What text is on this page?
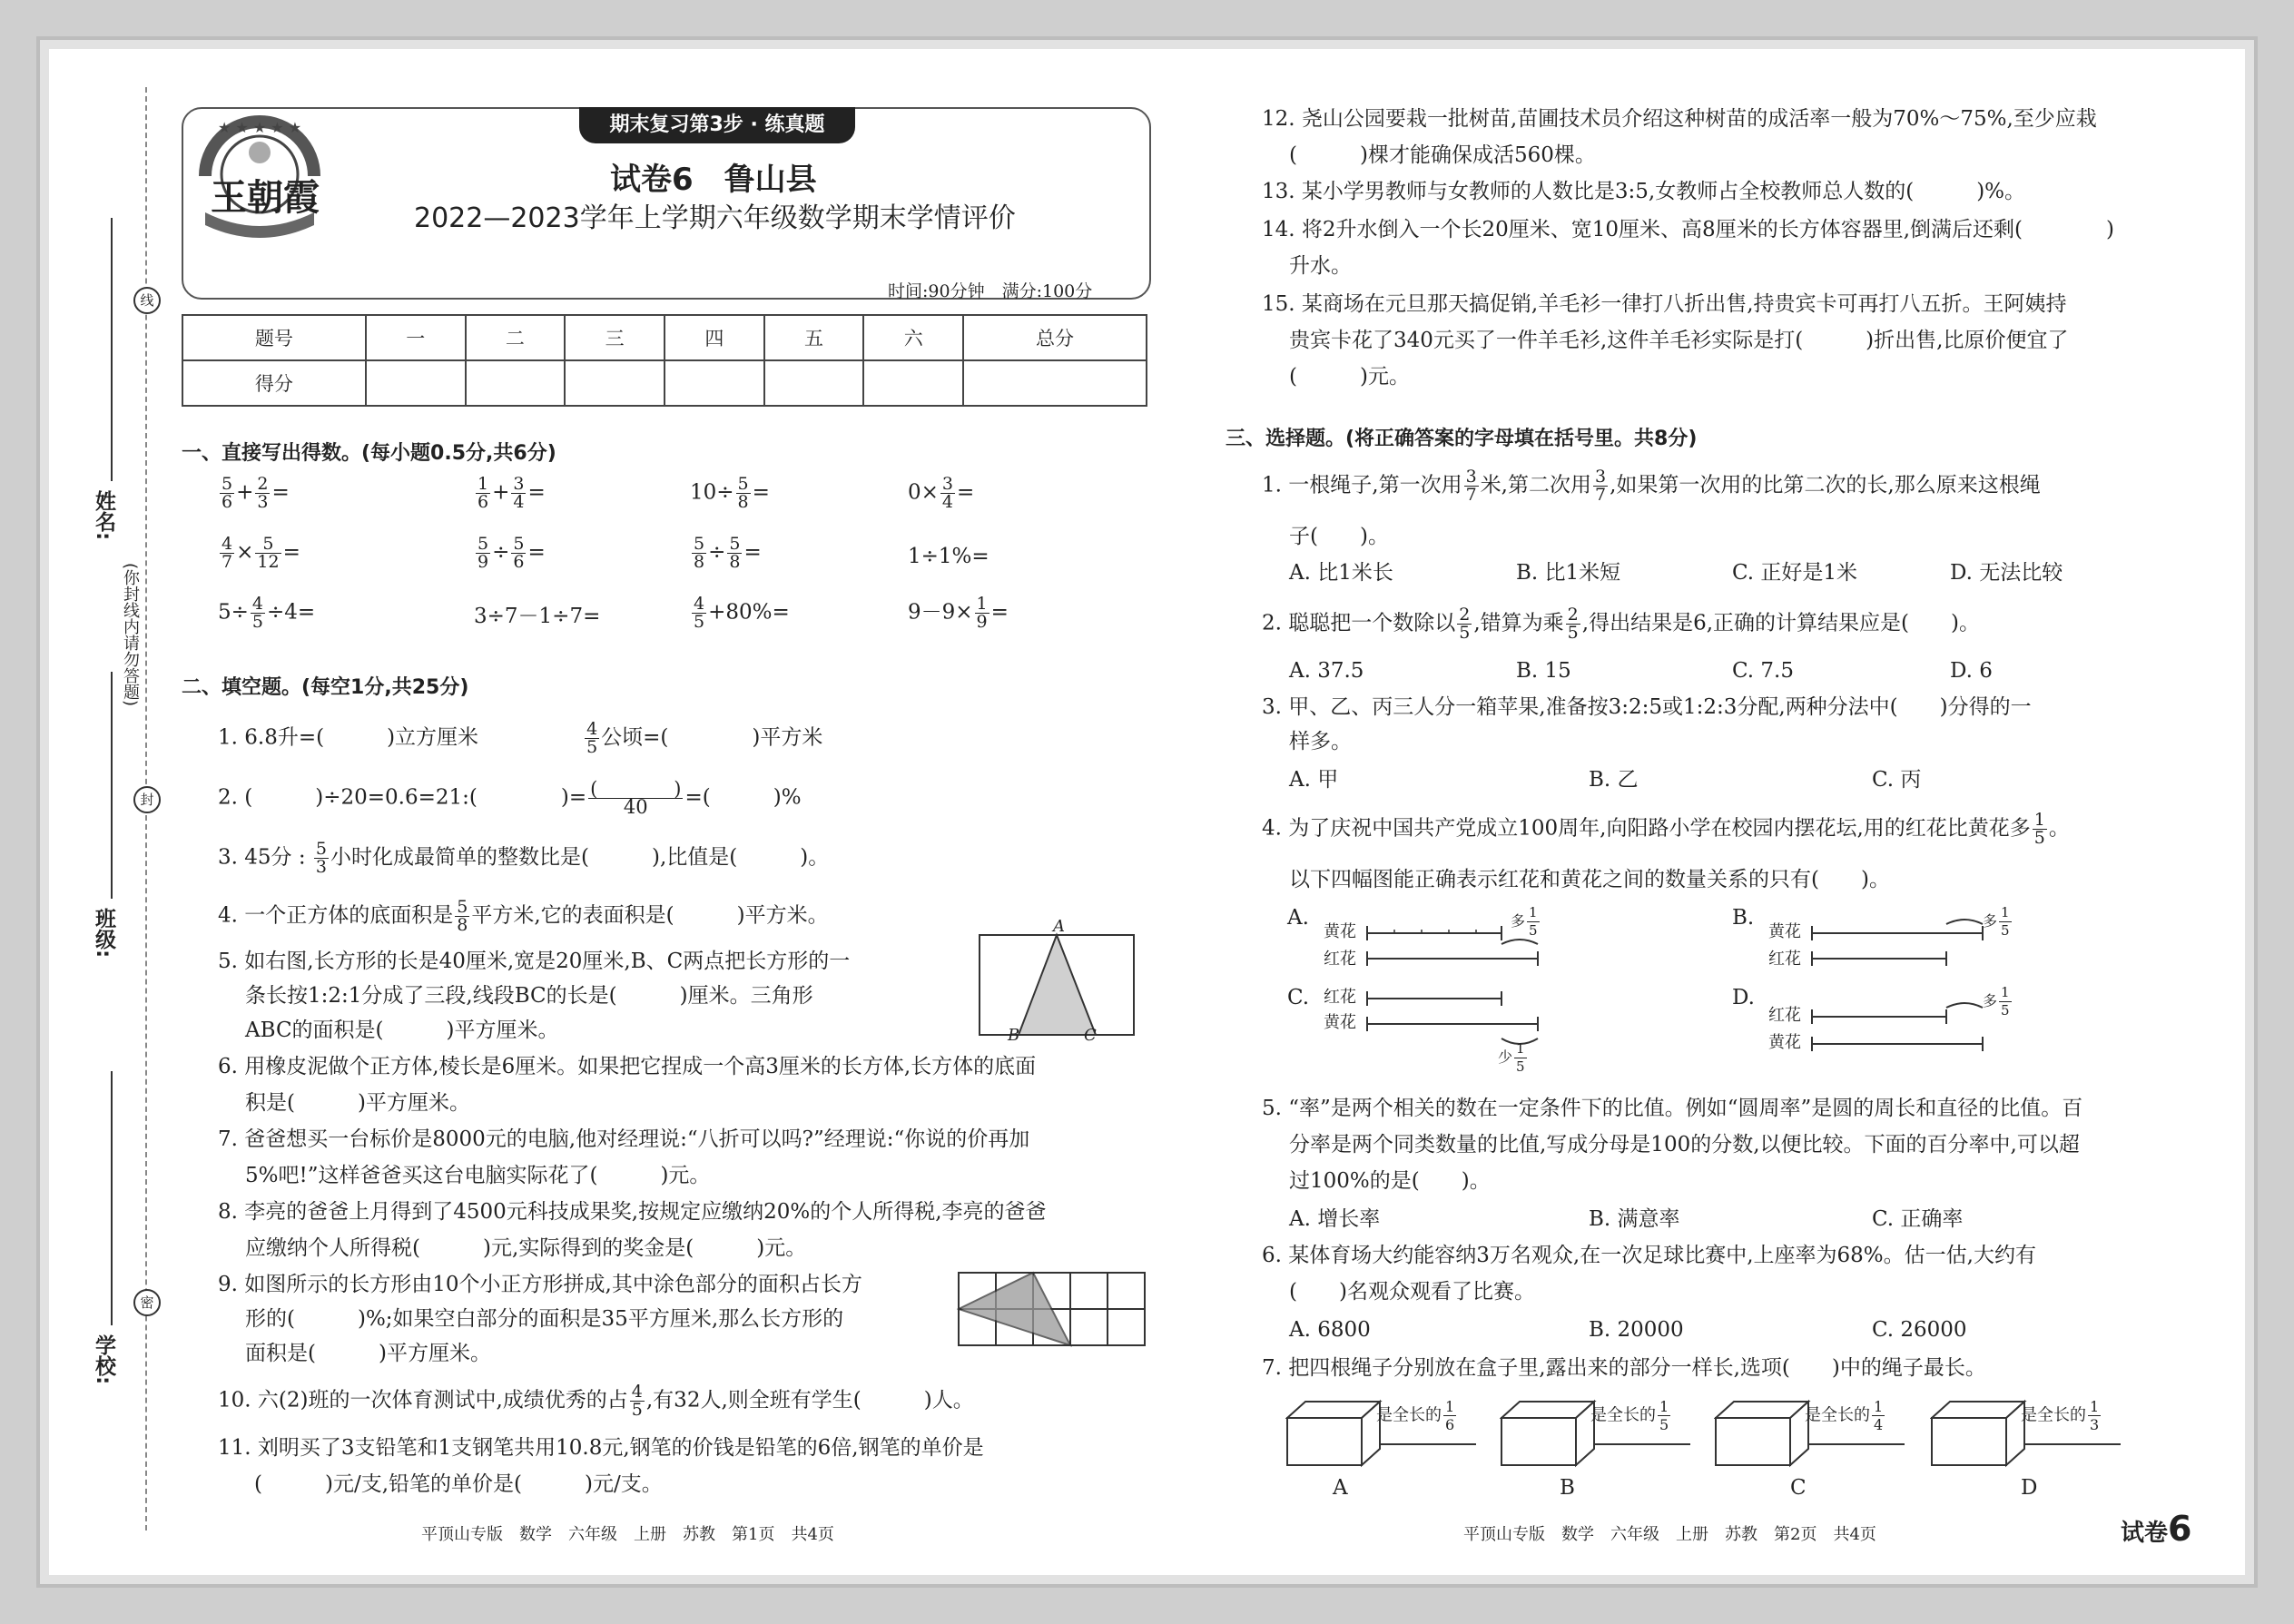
线
封
密
(你封线内请勿答题)
姓名:
班级:
学校:
期末复习第3步 · 练真题
★ ★ ★ ★ ★
王朝霞	试卷6　鲁山县
2022—2023学年上学期六年级数学期末学情评价
时间:90分钟　满分:100分
题号	一	二	三	四	五	六	总分
得分							
一、直接写出得数。(每小题0.5分,共6分)
$\frac{5}{6} + \frac{2}{3}$ =	$\frac{1}{6} + \frac{3}{4}$ =	$10\div \frac{5}{8}$ =	$0\times \frac{3}{4}$ =
$\frac{4}{7} \times \frac{5}{12}$ =	$\frac{5}{9} \div \frac{5}{6}$ =	$\frac{5}{8} \div \frac{5}{8}$ =	1÷1%=
$5\div \frac{4}{5} \div 4=$	3÷7－1÷7=	$\frac{4}{5} +80\%=$	$9-9\times \frac{1}{9}$ =
二、填空题。(每空1分,共25分)
1. 6.8升=(　　　)立方厘米　　　　　 $\frac{4}{5}$ 公顷=(　　　　)平方米
2. (　　　)÷20=0.6=21:(　　　　)= (　　　　)
40	=(　　　)%
3. 45分 : $\frac{5}{3}$ 小时化成最简单的整数比是(　　　),比值是(　　　)。
4. 一个正方体的底面积是 $\frac{5}{8}$ 平方米,它的表面积是(　　　)平方米。
5. 如右图,长方形的长是40厘米,宽是20厘米,B、C两点把长方形的一
条长按1:2:1分成了三段,线段BC的长是(　　　)厘米。三角形
ABC的面积是(　　　)平方厘米。
A
B	C
6. 用橡皮泥做个正方体,棱长是6厘米。如果把它捏成一个高3厘米的长方体,长方体的底面
积是(　　　)平方厘米。
7. 爸爸想买一台标价是8000元的电脑,他对经理说:“八折可以吗?”经理说:“你说的价再加
5%吧!”这样爸爸买这台电脑实际花了(　　　)元。
8. 李亮的爸爸上月得到了4500元科技成果奖,按规定应缴纳20%的个人所得税,李亮的爸爸
应缴纳个人所得税(　　　)元,实际得到的奖金是(　　　)元。
9. 如图所示的长方形由10个小正方形拼成,其中涂色部分的面积占长方
形的(　　　)%;如果空白部分的面积是35平方厘米,那么长方形的
面积是(　　　)平方厘米。
10. 六(2)班的一次体育测试中,成绩优秀的占 $\frac{4}{5}$ ,有32人,则全班有学生(　　　)人。
11. 刘明买了3支铅笔和1支钢笔共用10.8元,钢笔的价钱是铅笔的6倍,钢笔的单价是
(　　　)元/支,铅笔的单价是(　　　)元/支。
12. 尧山公园要栽一批树苗,苗圃技术员介绍这种树苗的成活率一般为70%～75%,至少应栽
(　　　)棵才能确保成活560棵。
13. 某小学男教师与女教师的人数比是3:5,女教师占全校教师总人数的(　　　)%。
14. 将2升水倒入一个长20厘米、宽10厘米、高8厘米的长方体容器里,倒满后还剩(　　　　)
升水。
15. 某商场在元旦那天搞促销,羊毛衫一律打八折出售,持贵宾卡可再打八五折。王阿姨持
贵宾卡花了340元买了一件羊毛衫,这件羊毛衫实际是打(　　　)折出售,比原价便宜了
(　　　)元。
三、选择题。(将正确答案的字母填在括号里。共8分)
1. 一根绳子,第一次用 $\frac{3}{7}$ 米,第二次用 $\frac{3}{7}$ ,如果第一次用的比第二次的长,那么原来这根绳
子(　　)。
A. 比1米长	B. 比1米短	C. 正好是1米	D. 无法比较
2. 聪聪把一个数除以 $\frac{2}{5}$ ,错算为乘 $\frac{2}{5}$ ,得出结果是6,正确的计算结果应是(　　)。
A. 37.5	B. 15	C. 7.5	D. 6
3. 甲、乙、丙三人分一箱苹果,准备按3:2:5或1:2:3分配,两种分法中(　　)分得的一
样多。
A. 甲	B. 乙	C. 丙
4. 为了庆祝中国共产党成立100周年,向阳路小学在校园内摆花坛,用的红花比黄花多 $\frac{1}{5}$ 。
以下四幅图能正确表示红花和黄花之间的数量关系的只有(　　)。
A.	B.
C.	D.
黄花
红花
黄花
红花
红花
黄花	红花
黄花
多 $\frac{1}{5}$	多 $\frac{1}{5}$
少 $\frac{1}{5}$
多 $\frac{1}{5}$
5. “率”是两个相关的数在一定条件下的比值。例如“圆周率”是圆的周长和直径的比值。百
分率是两个同类数量的比值,写成分母是100的分数,以便比较。下面的百分率中,可以超
过100%的是(　　)。
A. 增长率	B. 满意率	C. 正确率
6. 某体育场大约能容纳3万名观众,在一次足球比赛中,上座率为68%。估一估,大约有
(　　)名观众观看了比赛。
A. 6800	B. 20000	C. 26000
7. 把四根绳子分别放在盒子里,露出来的部分一样长,选项(　　)中的绳子最长。
是全长的 $\frac{1}{6}$	是全长的 $\frac{1}{5}$	是全长的 $\frac{1}{4}$	是全长的 $\frac{1}{3}$
A	B	C	D
平顶山专版　数学　六年级　上册　苏教　第1页　共4页	平顶山专版　数学　六年级　上册　苏教　第2页　共4页	试卷6
